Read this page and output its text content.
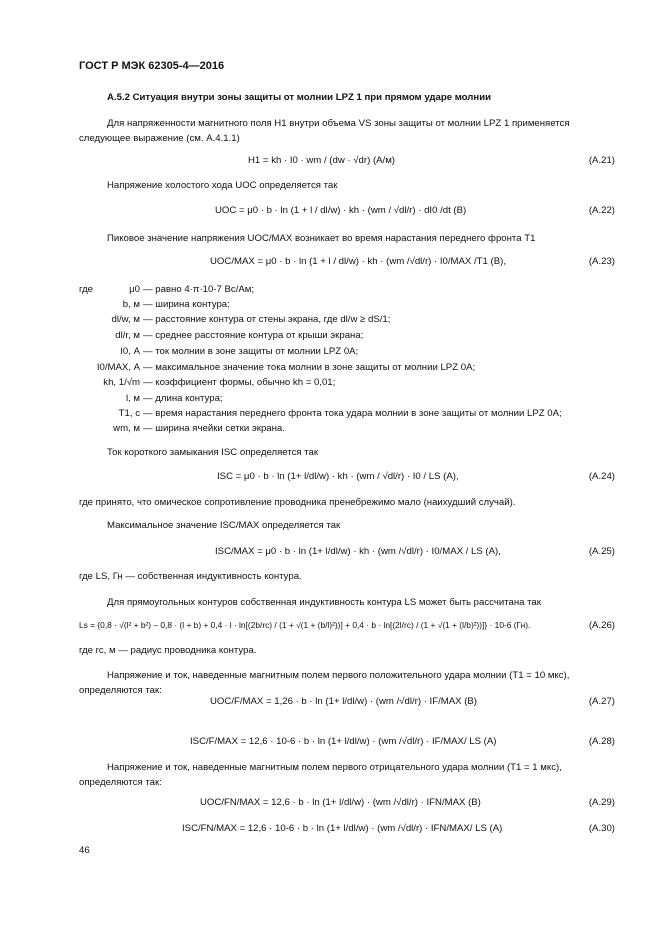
ГОСТ Р МЭК 62305-4—2016
А.5.2 Ситуация внутри зоны защиты от молнии LPZ 1 при прямом ударе молнии
Для напряженности магнитного поля H1 внутри объема VS зоны защиты от молнии LPZ 1 применяется следующее выражение (см. А.4.1.1)
H1 = kh · I0 · wm / (dw · √dr) (А/м)	(А.21)
Напряжение холостого хода UOC определяется так
UOC = μ0 · b · ln (1 + l / dl/w) · kh · (wm / √dl/r) · dI0 /dt (В)	(А.22)
Пиковое значение напряжения UOC/MAX возникает во время нарастания переднего фронта T1
UOC/MAX = μ0 · b · ln (1 + l / dl/w) · kh · (wm /√dl/r) · I0/MAX /T1 (В),	(А.23)
где	μ0 — равно 4·π·10-7 Вс/Ам;
b, м — ширина контура;
dl/w, м — расстояние контура от стены экрана, где dl/w ≥ dS/1;
dl/r, м — среднее расстояние контура от крыши экрана;
I0, А — ток молнии в зоне защиты от молнии LPZ 0A;
I0/MAX, А — максимальное значение тока молнии в зоне защиты от молнии LPZ 0A;
kh, 1/√m — коэффициент формы, обычно kh = 0,01;
l, м — длина контура;
T1, с — время нарастания переднего фронта тока удара молнии в зоне защиты от молнии LPZ 0A;
wm, м — ширина ячейки сетки экрана.
Ток короткого замыкания ISC определяется так
ISC = μ0 · b · ln (1+ l/dl/w) · kh · (wm / √dl/r) · I0 / LS (А),	(А.24)
где принято, что омическое сопротивление проводника пренебрежимо мало (наихудший случай).
Максимальное значение ISC/MAX определяется так
ISC/MAX = μ0 · b · ln (1+ l/dl/w) · kh · (wm /√dl/r) · I0/MAX / LS (А),	(А.25)
где LS, Гн — собственная индуктивность контура.
Для прямоугольных контуров собственная индуктивность контура LS может быть рассчитана так
Ls = {0,8 · √(l² + b²) – 0,8 · (l + b) + 0,4 · l · ln[(2b/rc) / (1 + √(1 + (b/l)²))] + 0,4 · b · ln[(2l/rc) / (1 + √(1 + (l/b)²))]} · 10-6 (Гн).	(А.26)
где rc, м — радиус проводника контура.
Напряжение и ток, наведенные магнитным полем первого положительного удара молнии (T1 = 10 мкс), определяются так:
UOC/F/MAX = 1,26 · b · ln (1+ l/dl/w) · (wm /√dl/r) · IF/MAX (В)	(А.27)
ISC/F/MAX = 12,6 · 10-6 · b · ln (1+ l/dl/w) · (wm /√dl/r) · IF/MAX/ LS (А)	(А.28)
Напряжение и ток, наведенные магнитным полем первого отрицательного удара молнии (T1 = 1 мкс), определяются так:
UOC/FN/MAX = 12,6 · b · ln (1+ l/dl/w) · (wm /√dl/r) · IFN/MAX (В)	(А.29)
ISC/FN/MAX = 12,6 · 10-6 · b · ln (1+ l/dl/w) · (wm /√dl/r) · IFN/MAX/ LS (А)	(А.30)
46
